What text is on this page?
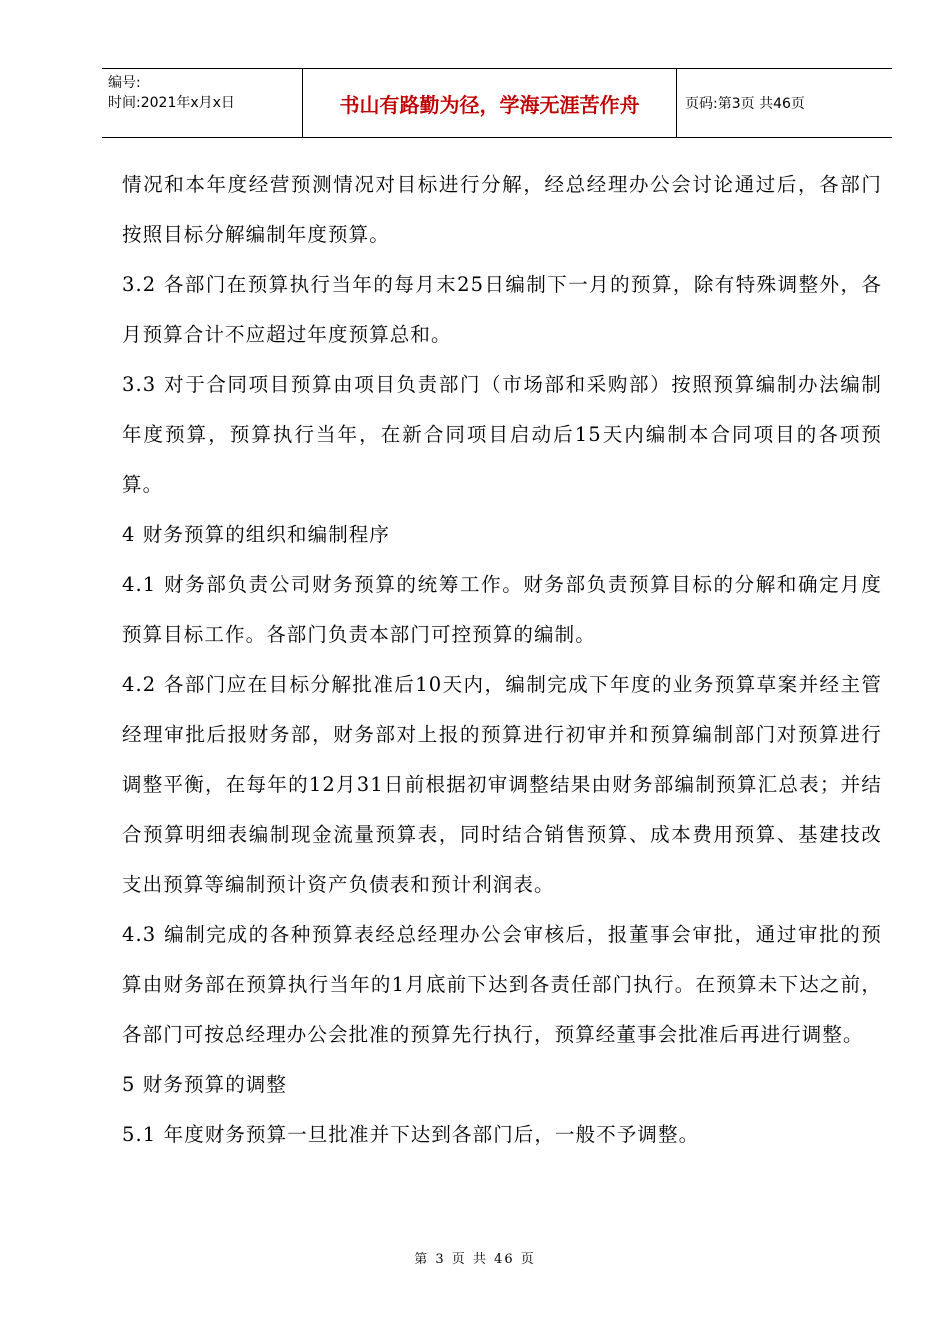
编号:
时间:2021年x月x日	书山有路勤为径，学海无涯苦作舟	页码:第3页 共46页

情况和本年度经营预测情况对目标进行分解，经总经理办公会讨论通过后，各部门按照目标分解编制年度预算。

3.2 各部门在预算执行当年的每月末25日编制下一月的预算，除有特殊调整外，各月预算合计不应超过年度预算总和。

3.3 对于合同项目预算由项目负责部门（市场部和采购部）按照预算编制办法编制年度预算，预算执行当年，在新合同项目启动后15天内编制本合同项目的各项预算。

4 财务预算的组织和编制程序

4.1 财务部负责公司财务预算的统筹工作。财务部负责预算目标的分解和确定月度预算目标工作。各部门负责本部门可控预算的编制。

4.2 各部门应在目标分解批准后10天内，编制完成下年度的业务预算草案并经主管经理审批后报财务部，财务部对上报的预算进行初审并和预算编制部门对预算进行调整平衡，在每年的12月31日前根据初审调整结果由财务部编制预算汇总表；并结合预算明细表编制现金流量预算表，同时结合销售预算、成本费用预算、基建技改支出预算等编制预计资产负债表和预计利润表。

4.3 编制完成的各种预算表经总经理办公会审核后，报董事会审批，通过审批的预算由财务部在预算执行当年的1月底前下达到各责任部门执行。在预算未下达之前，各部门可按总经理办公会批准的预算先行执行，预算经董事会批准后再进行调整。

5 财务预算的调整

5.1 年度财务预算一旦批准并下达到各部门后，一般不予调整。

第 3 页 共 46 页
